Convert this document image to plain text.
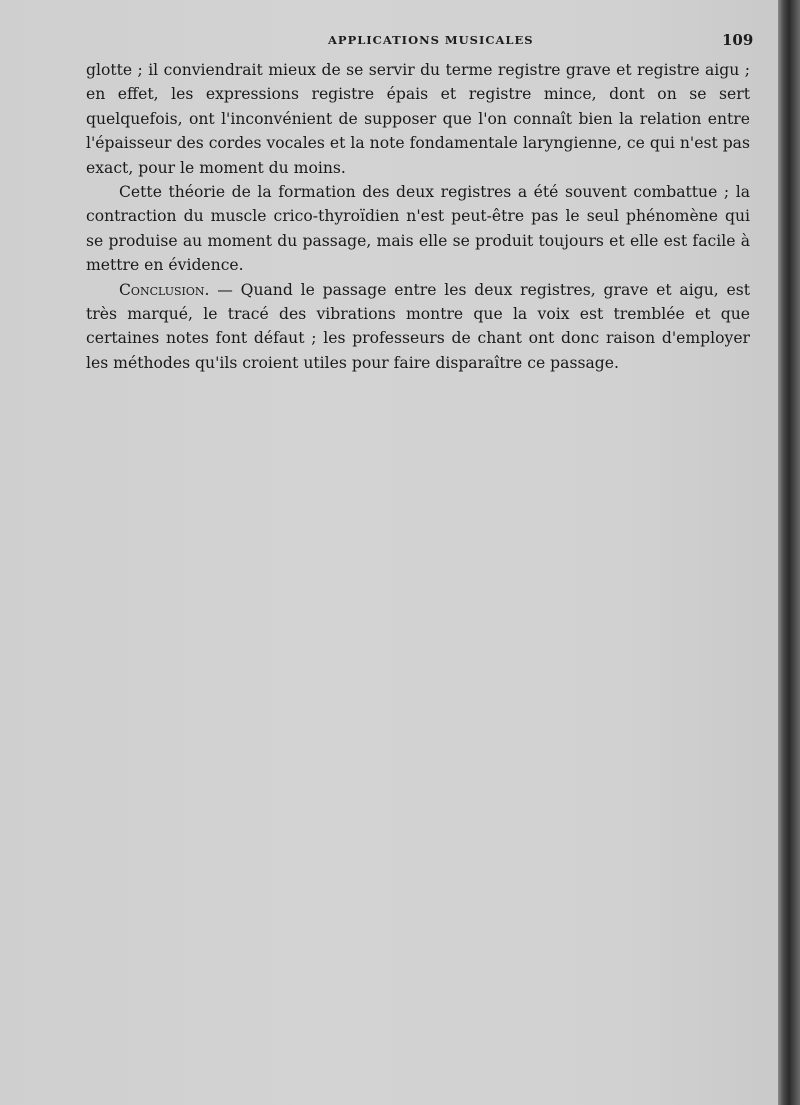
APPLICATIONS MUSICALES	109

glotte ; il conviendrait mieux de se servir du terme registre grave et registre aigu ; en effet, les expressions registre épais et registre mince, dont on se sert quelquefois, ont l'inconvénient de supposer que l'on connaît bien la relation entre l'épaisseur des cordes vocales et la note fondamentale laryngienne, ce qui n'est pas exact, pour le moment du moins.

Cette théorie de la formation des deux registres a été souvent combattue ; la contraction du muscle crico-thyroïdien n'est peut-être pas le seul phénomène qui se produise au moment du passage, mais elle se produit toujours et elle est facile à mettre en évidence.

Conclusion. — Quand le passage entre les deux registres, grave et aigu, est très marqué, le tracé des vibrations montre que la voix est tremblée et que certaines notes font défaut ; les professeurs de chant ont donc raison d'employer les méthodes qu'ils croient utiles pour faire disparaître ce passage.
